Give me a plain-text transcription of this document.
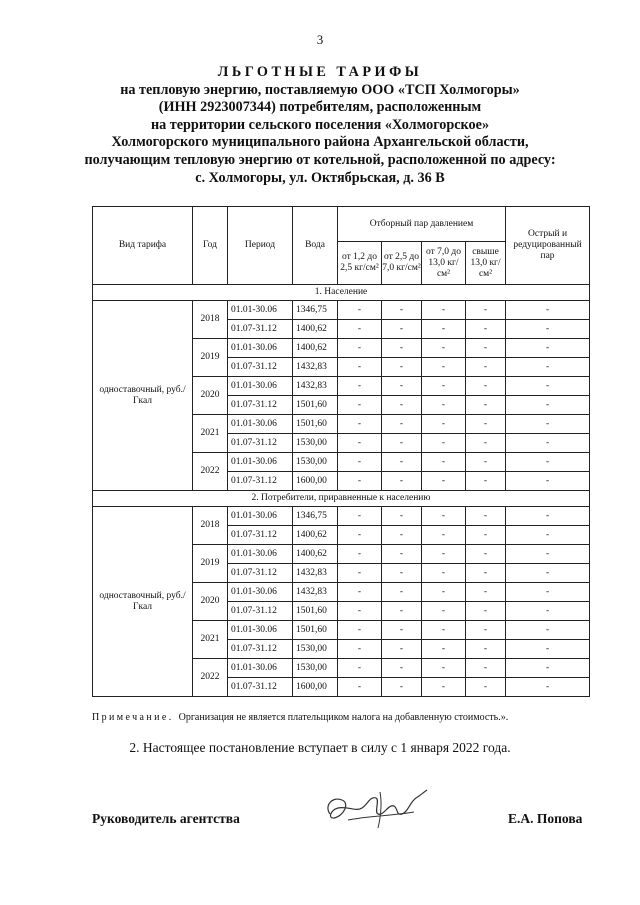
3
ЛЬГОТНЫЕ ТАРИФЫ
на тепловую энергию, поставляемую ООО «ТСП Холмогоры»
(ИНН 2923007344) потребителям, расположенным
на территории сельского поселения «Холмогорское»
Холмогорского муниципального района Архангельской области,
получающим тепловую энергию от котельной, расположенной по адресу:
с. Холмогоры, ул. Октябрьская, д. 36 В
Вид тарифа	Год	Период	Вода	Отборный пар давлением				Острый и редуцированный пар
				от 1,2 до 2,5 кг/см²	от 2,5 до 7,0 кг/см²	от 7,0 до 13,0 кг/см²	свыше 13,0 кг/см²	
1. Население								
одноставочный, руб./Гкал	2018	01.01-30.06	1346,75	-	-	-	-	-
		01.07-31.12	1400,62	-	-	-	-	-
	2019	01.01-30.06	1400,62	-	-	-	-	-
		01.07-31.12	1432,83	-	-	-	-	-
	2020	01.01-30.06	1432,83	-	-	-	-	-
		01.07-31.12	1501,60	-	-	-	-	-
	2021	01.01-30.06	1501,60	-	-	-	-	-
		01.07-31.12	1530,00	-	-	-	-	-
	2022	01.01-30.06	1530,00	-	-	-	-	-
		01.07-31.12	1600,00	-	-	-	-	-
2. Потребители, приравненные к населению								
одноставочный, руб./Гкал	2018	01.01-30.06	1346,75	-	-	-	-	-
		01.07-31.12	1400,62	-	-	-	-	-
	2019	01.01-30.06	1400,62	-	-	-	-	-
		01.07-31.12	1432,83	-	-	-	-	-
	2020	01.01-30.06	1432,83	-	-	-	-	-
		01.07-31.12	1501,60	-	-	-	-	-
	2021	01.01-30.06	1501,60	-	-	-	-	-
		01.07-31.12	1530,00	-	-	-	-	-
	2022	01.01-30.06	1530,00	-	-	-	-	-
		01.07-31.12	1600,00	-	-	-	-	-
Примечание. Организация не является плательщиком налога на добавленную стоимость.».
2. Настоящее постановление вступает в силу с 1 января 2022 года.
Руководитель агентства	Е.А. Попова
